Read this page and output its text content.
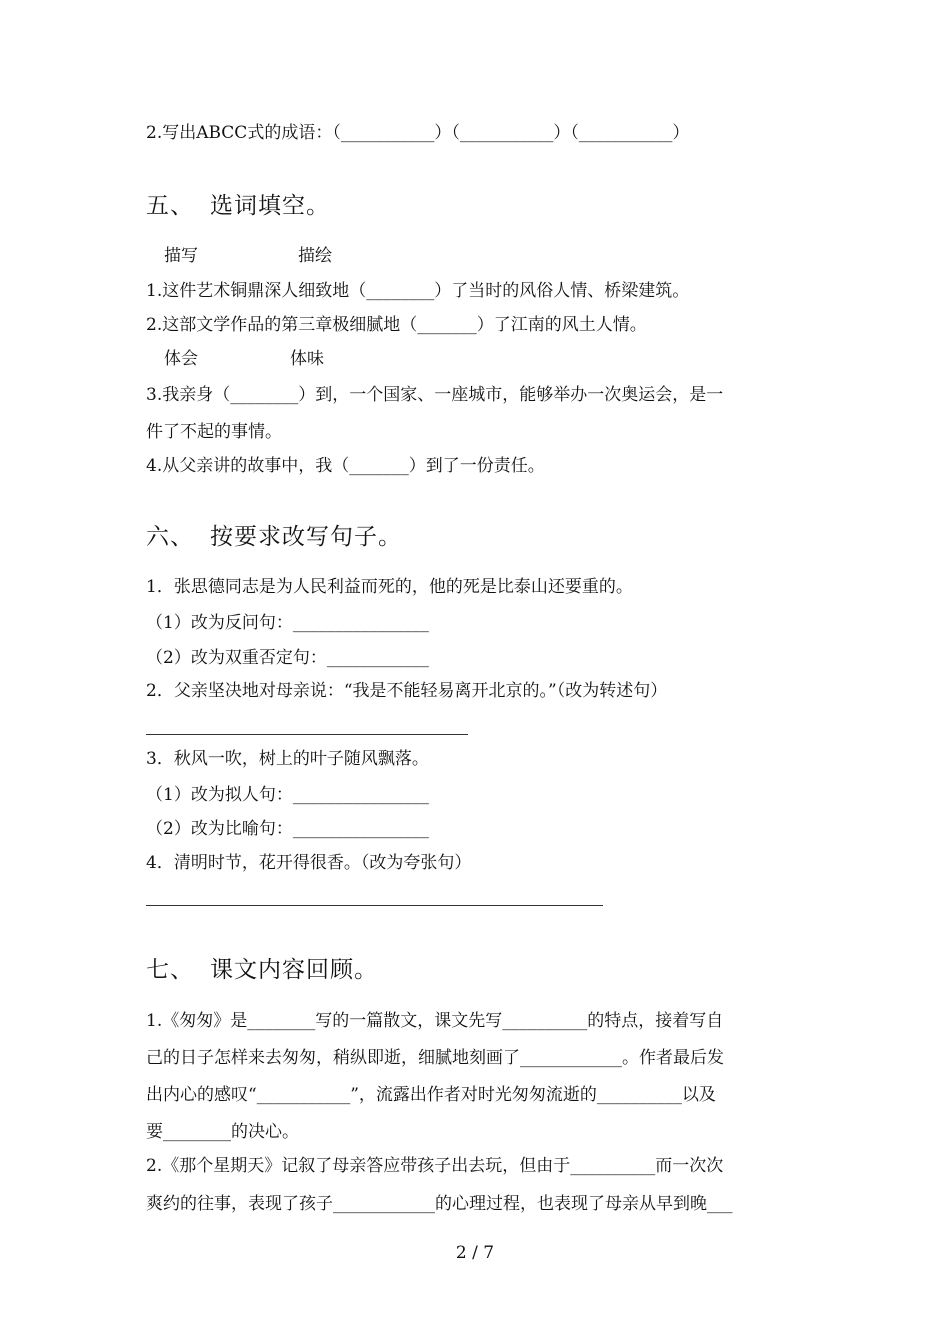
2.写出ABCC式的成语：（___________）（___________）（___________）
五、 选词填空。
描写	描绘
1.这件艺术铜鼎深人细致地（________）了当时的风俗人情、桥梁建筑。
2.这部文学作品的第三章极细腻地（_______）了江南的风土人情。
体会	体味
3.我亲身（________）到，一个国家、一座城市，能够举办一次奥运会，是一
件了不起的事情。
4.从父亲讲的故事中，我（_______）到了一份责任。
六、 按要求改写句子。
1．张思德同志是为人民利益而死的，他的死是比泰山还要重的。
（1）改为反问句：________________
（2）改为双重否定句：____________
2．父亲坚决地对母亲说：“我是不能轻易离开北京的。”（改为转述句）
3．秋风一吹，树上的叶子随风飘落。
（1）改为拟人句：________________
（2）改为比喻句：________________
4．清明时节，花开得很香。（改为夸张句）
七、 课文内容回顾。
1.《匆匆》是________写的一篇散文，课文先写__________的特点，接着写自
己的日子怎样来去匆匆，稍纵即逝，细腻地刻画了____________。作者最后发
出内心的感叹“___________”，流露出作者对时光匆匆流逝的__________以及
要________的决心。
2.《那个星期天》记叙了母亲答应带孩子出去玩，但由于__________而一次次
爽约的往事，表现了孩子____________的心理过程，也表现了母亲从早到晚___
2 / 7
